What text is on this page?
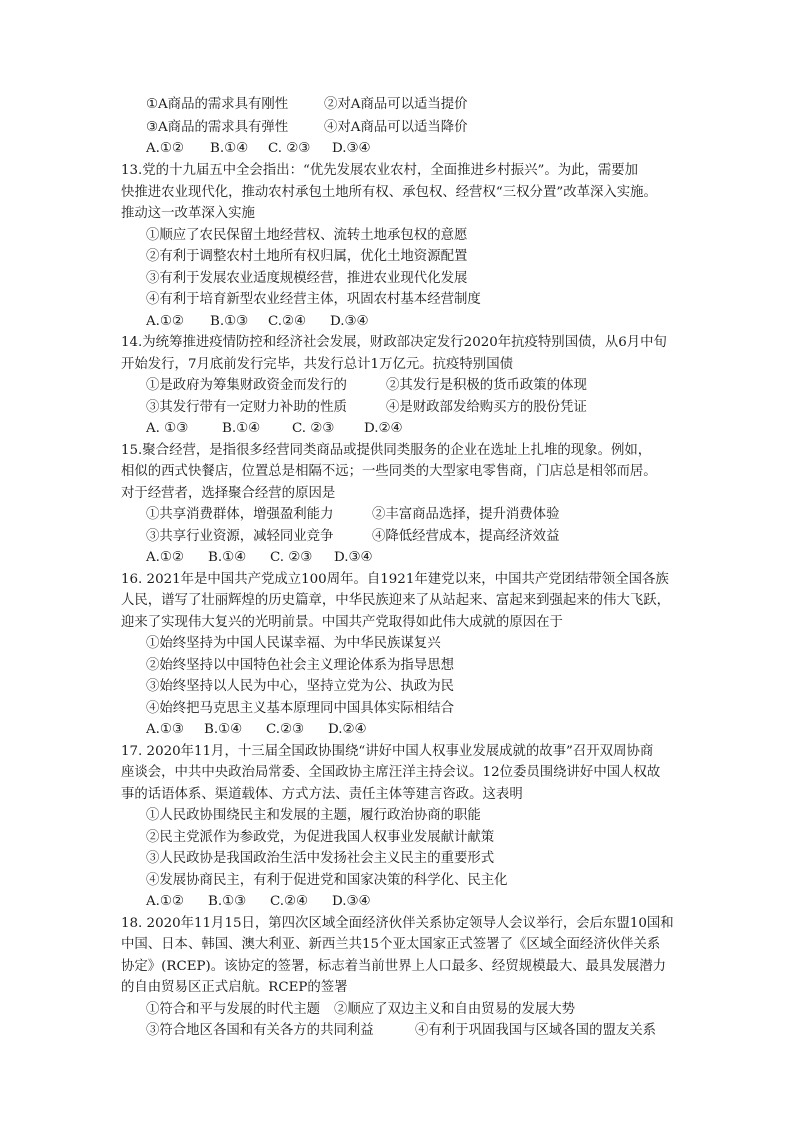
①A商品的需求具有刚性	②对A商品可以适当提价
③A商品的需求具有弹性	④对A商品可以适当降价
A.①② B.①④ C. ②③ D.③④
13.党的十九届五中全会指出：“优先发展农业农村，全面推进乡村振兴”。为此，需要加
快推进农业现代化，推动农村承包土地所有权、承包权、经营权“三权分置”改革深入实施。
推动这一改革深入实施
①顺应了农民保留土地经营权、流转土地承包权的意愿
②有利于调整农村土地所有权归属，优化土地资源配置
③有利于发展农业适度规模经营，推进农业现代化发展
④有利于培育新型农业经营主体，巩固农村基本经营制度
A.①② B.①③ C.②④ D.③④
14.为统筹推进疫情防控和经济社会发展，财政部决定发行2020年抗疫特别国债，从6月中旬
开始发行，7月底前发行完毕，共发行总计1万亿元。抗疫特别国债
①是政府为筹集财政资金而发行的	②其发行是积极的货币政策的体现
③其发行带有一定财力补助的性质	④是财政部发给购买方的股份凭证
A. ①③	B.①④ C. ②③ D.②④
15.聚合经营，是指很多经营同类商品或提供同类服务的企业在选址上扎堆的现象。例如，
相似的西式快餐店，位置总是相隔不远；一些同类的大型家电零售商，门店总是相邻而居。
对于经营者，选择聚合经营的原因是
①共享消费群体，增强盈利能力	②丰富商品选择，提升消费体验
③共享行业资源，减轻同业竞争	④降低经营成本，提高经济效益
A.①② B.①④ C. ②③ D.③④
16. 2021年是中国共产党成立100周年。自1921年建党以来，中国共产党团结带领全国各族
人民，谱写了壮丽辉煌的历史篇章，中华民族迎来了从站起来、富起来到强起来的伟大飞跃，
迎来了实现伟大复兴的光明前景。中国共产党取得如此伟大成就的原因在于
①始终坚持为中国人民谋幸福、为中华民族谋复兴
②始终坚持以中国特色社会主义理论体系为指导思想
③始终坚持以人民为中心，坚持立党为公、执政为民
④始终把马克思主义基本原理同中国具体实际相结合
A.①③ B.①④ C.②③ D.②④
17. 2020年11月，十三届全国政协围绕“讲好中国人权事业发展成就的故事”召开双周协商
座谈会，中共中央政治局常委、全国政协主席汪洋主持会议。12位委员围绕讲好中国人权故
事的话语体系、渠道载体、方式方法、责任主体等建言咨政。这表明
①人民政协围绕民主和发展的主题，履行政治协商的职能
②民主党派作为参政党，为促进我国人权事业发展献计献策
③人民政协是我国政治生活中发扬社会主义民主的重要形式
④发展协商民主，有利于促进党和国家决策的科学化、民主化
A.①② B.①③ C.②④ D.③④
18. 2020年11月15日，第四次区域全面经济伙伴关系协定领导人会议举行，会后东盟10国和
中国、日本、韩国、澳大利亚、新西兰共15个亚太国家正式签署了《区域全面经济伙伴关系
协定》(RCEP)。该协定的签署，标志着当前世界上人口最多、经贸规模最大、最具发展潜力
的自由贸易区正式启航。RCEP的签署
①符合和平与发展的时代主题 ②顺应了双边主义和自由贸易的发展大势
③符合地区各国和有关各方的共同利益	④有利于巩固我国与区域各国的盟友关系
